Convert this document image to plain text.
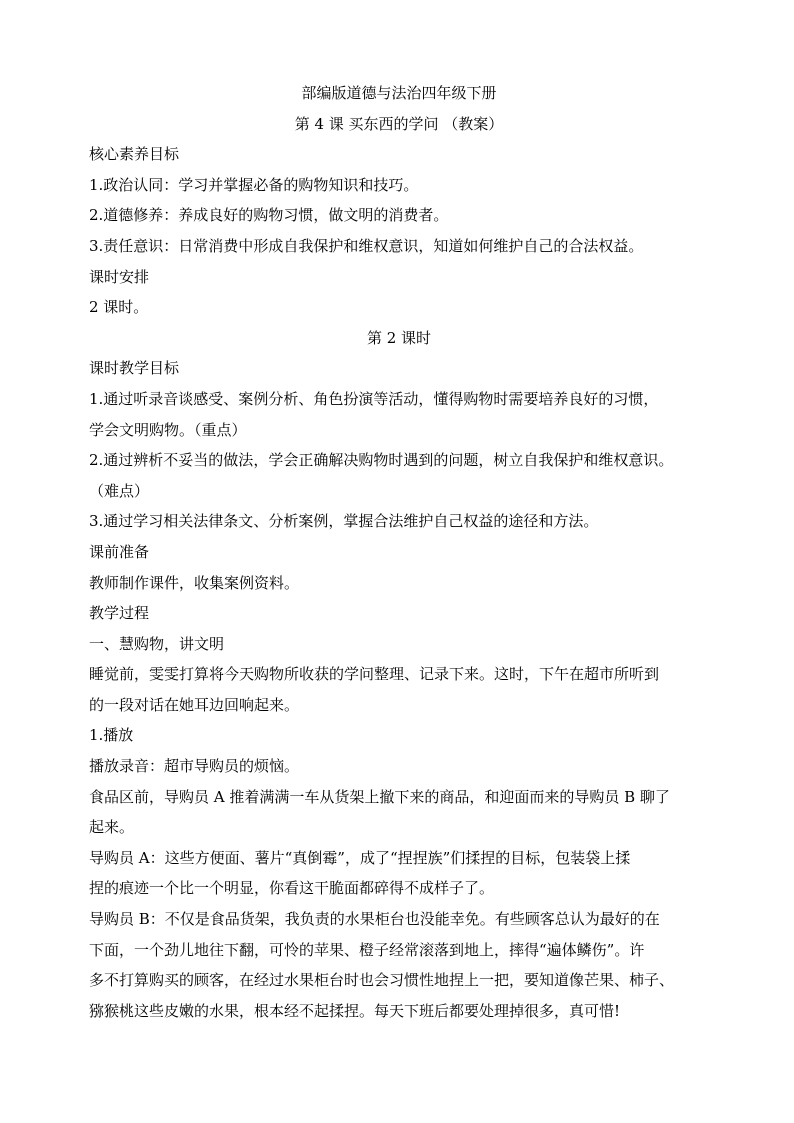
部编版道德与法治四年级下册

第 4 课 买东西的学问 （教案）

核心素养目标

1.政治认同：学习并掌握必备的购物知识和技巧。

2.道德修养：养成良好的购物习惯，做文明的消费者。

3.责任意识：日常消费中形成自我保护和维权意识，知道如何维护自己的合法权益。

课时安排

2 课时。

第 2 课时

课时教学目标

1.通过听录音谈感受、案例分析、角色扮演等活动，懂得购物时需要培养良好的习惯，

学会文明购物。（重点）

2.通过辨析不妥当的做法，学会正确解决购物时遇到的问题，树立自我保护和维权意识。

（难点）

3.通过学习相关法律条文、分析案例，掌握合法维护自己权益的途径和方法。

课前准备

教师制作课件，收集案例资料。

教学过程

一、慧购物，讲文明

睡觉前，雯雯打算将今天购物所收获的学问整理、记录下来。这时，下午在超市所听到

的一段对话在她耳边回响起来。

1.播放

播放录音：超市导购员的烦恼。

食品区前，导购员 A 推着满满一车从货架上撤下来的商品，和迎面而来的导购员 B 聊了

起来。

导购员 A：这些方便面、薯片“真倒霉”，成了“捏捏族”们揉捏的目标，包装袋上揉

捏的痕迹一个比一个明显，你看这干脆面都碎得不成样子了。

导购员 B：不仅是食品货架，我负责的水果柜台也没能幸免。有些顾客总认为最好的在

下面，一个劲儿地往下翻，可怜的苹果、橙子经常滚落到地上，摔得“遍体鳞伤”。许

多不打算购买的顾客，在经过水果柜台时也会习惯性地捏上一把，要知道像芒果、柿子、

猕猴桃这些皮嫩的水果，根本经不起揉捏。每天下班后都要处理掉很多，真可惜!
